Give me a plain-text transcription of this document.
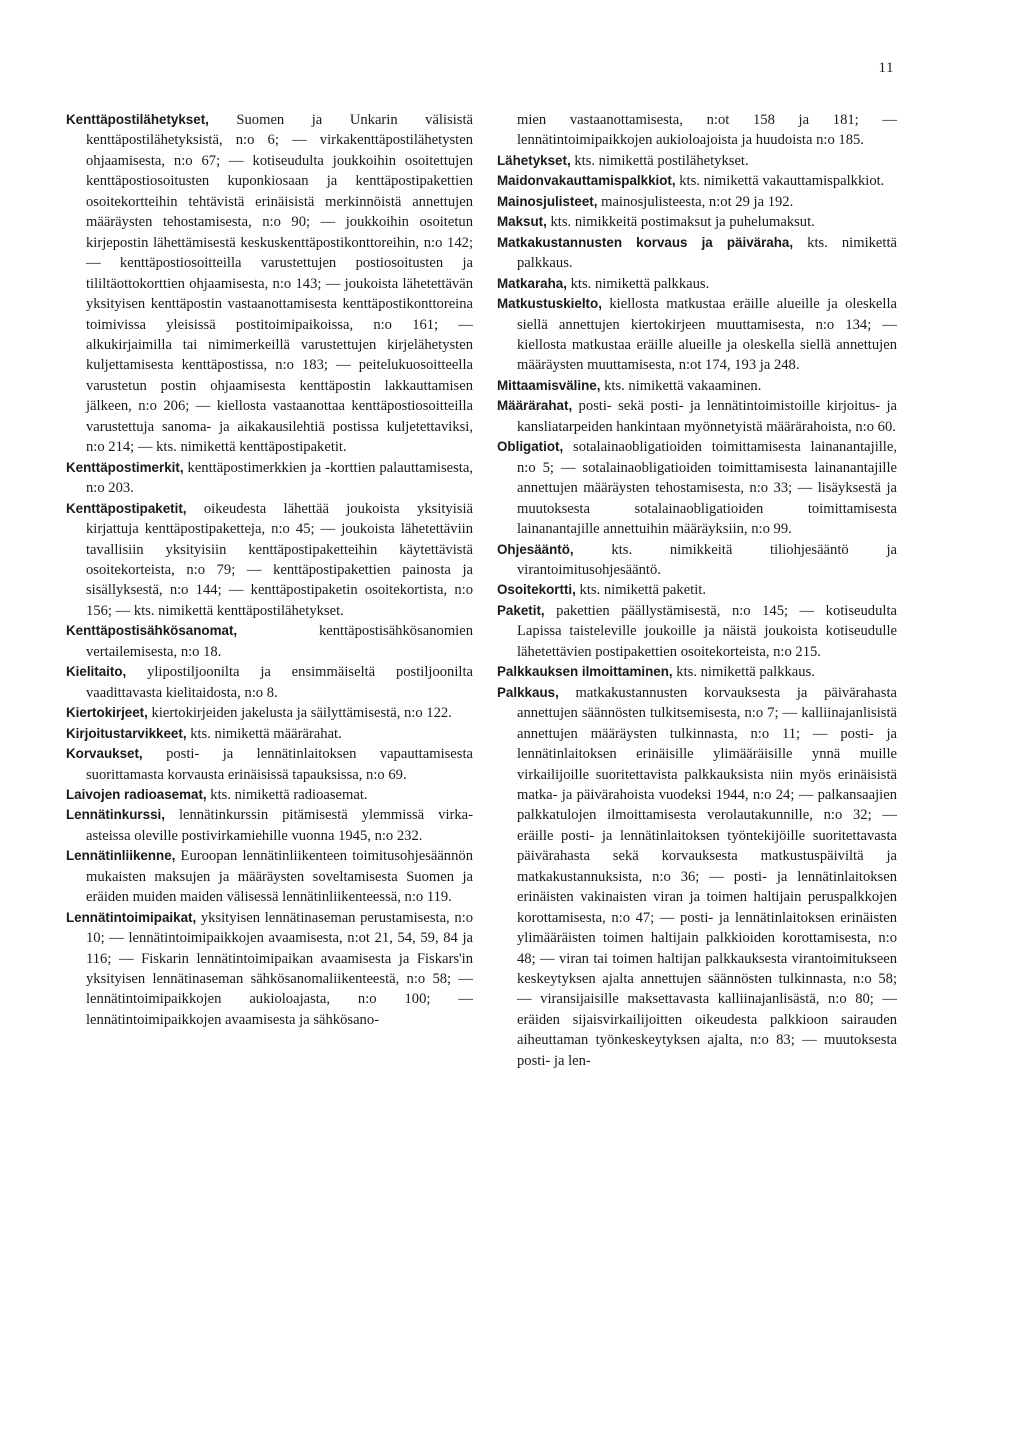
11

Kenttäpostilähetykset, Suomen ja Unkarin välisistä kenttäpostilähetyksistä, n:o 6; — virkakenttäpostilähetysten ohjaamisesta, n:o 67; — kotiseudulta joukkoihin osoitettujen kenttäpostiosoitusten kuponkiosaan ja kenttäpostipakettien osoitekortteihin tehtävistä erinäisistä merkinnöistä annettujen määräysten tehostamisesta, n:o 90; — joukkoihin osoitetun kirjepostin lähettämisestä keskuskenttäpostikonttoreihin, n:o 142; — kenttäpostiosoitteilla varustettujen postiosoitusten ja tililtäottokorttien ohjaamisesta, n:o 143; — joukoista lähetettävän yksityisen kenttäpostin vastaanottamisesta kenttäpostikonttoreina toimivissa yleisissä postitoimipaikoissa, n:o 161; — alkukirjaimilla tai nimimerkeillä varustettujen kirjelähetysten kuljettamisesta kenttäpostissa, n:o 183; — peitelukuosoitteella varustetun postin ohjaamisesta kenttäpostin lakkauttamisen jälkeen, n:o 206; — kiellosta vastaanottaa kenttäpostiosoitteilla varustettuja sanoma- ja aikakausilehtiä postissa kuljetettaviksi, n:o 214; — kts. nimikettä kenttäpostipaketit.

Kenttäpostimerkit, kenttäpostimerkkien ja -korttien palauttamisesta, n:o 203.

Kenttäpostipaketit, oikeudesta lähettää joukoista yksityisiä kirjattuja kenttäpostipaketteja, n:o 45; — joukoista lähetettäviin tavallisiin yksityisiin kenttäpostipaketteihin käytettävistä osoitekorteista, n:o 79; — kenttäpostipakettien painosta ja sisällyksestä, n:o 144; — kenttäpostipaketin osoitekortista, n:o 156; — kts. nimikettä kenttäpostilähetykset.

Kenttäpostisähkösanomat, kenttäpostisähkösanomien vertailemisesta, n:o 18.

Kielitaito, ylipostiljoonilta ja ensimmäiseltä postiljoonilta vaadittavasta kielitaidosta, n:o 8.

Kiertokirjeet, kiertokirjeiden jakelusta ja säilyttämisestä, n:o 122.

Kirjoitustarvikkeet, kts. nimikettä määrärahat.

Korvaukset, posti- ja lennätinlaitoksen vapauttamisesta suorittamasta korvausta erinäisissä tapauksissa, n:o 69.

Laivojen radioasemat, kts. nimikettä radioasemat.

Lennätinkurssi, lennätinkurssin pitämisestä ylemmissä virka-asteissa oleville postivirkamiehille vuonna 1945, n:o 232.

Lennätinliikenne, Euroopan lennätinliikenteen toimitusohjesäännön mukaisten maksujen ja määräysten soveltamisesta Suomen ja eräiden muiden maiden välisessä lennätinliikenteessä, n:o 119.

Lennätintoimipaikat, yksityisen lennätinaseman perustamisesta, n:o 10; — lennätintoimipaikkojen avaamisesta, n:ot 21, 54, 59, 84 ja 116; — Fiskarin lennätintoimipaikan avaamisesta ja Fiskars'in yksityisen lennätinaseman sähkösanomaliikenteestä, n:o 58; — lennätintoimipaikkojen aukioloajasta, n:o 100; — lennätintoimipaikkojen avaamisesta ja sähkösano-

mien vastaanottamisesta, n:ot 158 ja 181; — lennätintoimipaikkojen aukioloajoista ja huudoista n:o 185.

Lähetykset, kts. nimikettä postilähetykset.

Maidonvakauttamispalkkiot, kts. nimikettä vakauttamispalkkiot.

Mainosjulisteet, mainosjulisteesta, n:ot 29 ja 192.

Maksut, kts. nimikkeitä postimaksut ja puhelumaksut.

Matkakustannusten korvaus ja päiväraha, kts. nimikettä palkkaus.

Matkaraha, kts. nimikettä palkkaus.

Matkustuskielto, kiellosta matkustaa eräille alueille ja oleskella siellä annettujen kiertokirjeen muuttamisesta, n:o 134; — kiellosta matkustaa eräille alueille ja oleskella siellä annettujen määräysten muuttamisesta, n:ot 174, 193 ja 248.

Mittaamisväline, kts. nimikettä vakaaminen.

Määrärahat, posti- sekä posti- ja lennätintoimistoille kirjoitus- ja kansliatarpeiden hankintaan myönnetyistä määrärahoista, n:o 60.

Obligatiot, sotalainaobligatioiden toimittamisesta lainanantajille, n:o 5; — sotalainaobligatioiden toimittamisesta lainanantajille annettujen määräysten tehostamisesta, n:o 33; — lisäyksestä ja muutoksesta sotalainaobligatioiden toimittamisesta lainanantajille annettuihin määräyksiin, n:o 99.

Ohjesääntö, kts. nimikkeitä tiliohjesääntö ja virantoimitusohjesääntö.

Osoitekortti, kts. nimikettä paketit.

Paketit, pakettien päällystämisestä, n:o 145; — kotiseudulta Lapissa taisteleville joukoille ja näistä joukoista kotiseudulle lähetettävien postipakettien osoitekorteista, n:o 215.

Palkkauksen ilmoittaminen, kts. nimikettä palkkaus.

Palkkaus, matkakustannusten korvauksesta ja päivärahasta annettujen säännösten tulkitsemisesta, n:o 7; — kalliinajanlisistä annettujen määräysten tulkinnasta, n:o 11; — posti- ja lennätinlaitoksen erinäisille ylimääräisille ynnä muille virkailijoille suoritettavista palkkauksista niin myös erinäisistä matka- ja päivärahoista vuodeksi 1944, n:o 24; — palkansaajien palkkatulojen ilmoittamisesta verolautakunnille, n:o 32; — eräille posti- ja lennätinlaitoksen työntekijöille suoritettavasta päivärahasta sekä korvauksesta matkustuspäiviltä ja matkakustannuksista, n:o 36; — posti- ja lennätinlaitoksen erinäisten vakinaisten viran ja toimen haltijain peruspalkkojen korottamisesta, n:o 47; — posti- ja lennätinlaitoksen erinäisten ylimääräisten toimen haltijain palkkioiden korottamisesta, n:o 48; — viran tai toimen haltijan palkkauksesta virantoimitukseen keskeytyksen ajalta annettujen säännösten tulkinnasta, n:o 58; — viransijaisille maksettavasta kalliinajanlisästä, n:o 80; — eräiden sijaisvirkailijoitten oikeudesta palkkioon sairauden aiheuttaman työnkeskeytyksen ajalta, n:o 83; — muutoksesta posti- ja len-
